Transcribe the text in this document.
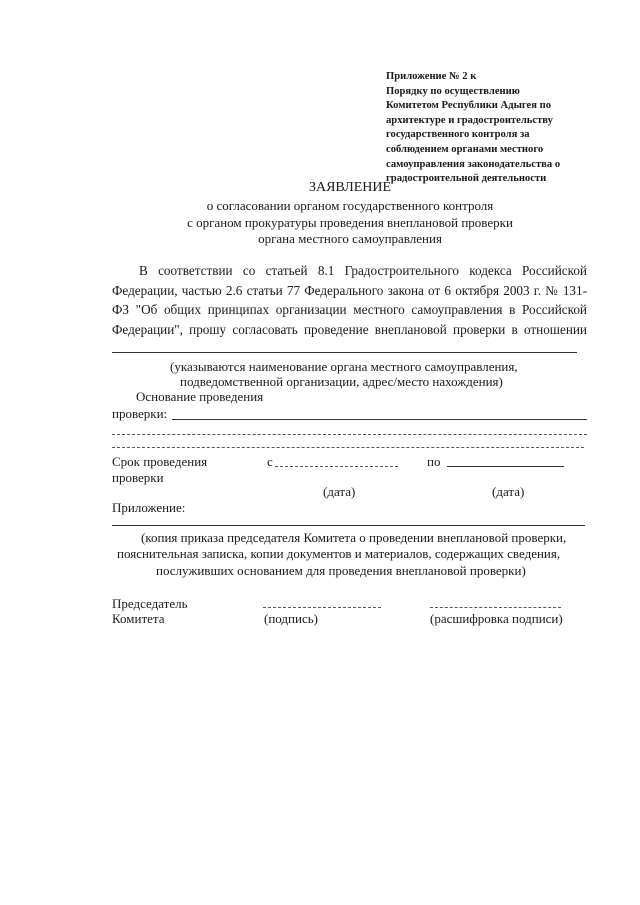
Приложение № 2 к
Порядку по осуществлению
Комитетом Республики Адыгея по
архитектуре и градостроительству
государственного контроля за
соблюдением органами местного
самоуправления законодательства о
градостроительной деятельности
ЗАЯВЛЕНИЕ
о согласовании органом государственного контроля
с органом прокуратуры проведения внеплановой проверки
органа местного самоуправления
В соответствии со статьей 8.1 Градостроительного кодекса Российской
Федерации, частью 2.6 статьи 77 Федерального закона от 6 октября 2003 г. № 131-
ФЗ "Об общих принципах организации местного самоуправления в Российской
Федерации", прошу согласовать проведение внеплановой проверки в отношении
(указываются наименование органа местного самоуправления,
подведомственной организации, адрес/место нахождения)
Основание проведения
проверки:
Срок проведения
проверки
с	по
(дата)	(дата)
Приложение:
(копия приказа председателя Комитета о проведении внеплановой проверки,
пояснительная записка, копии документов и материалов, содержащих сведения,
послуживших основанием для проведения внеплановой проверки)
Председатель
Комитета	(подпись)	(расшифровка подписи)
